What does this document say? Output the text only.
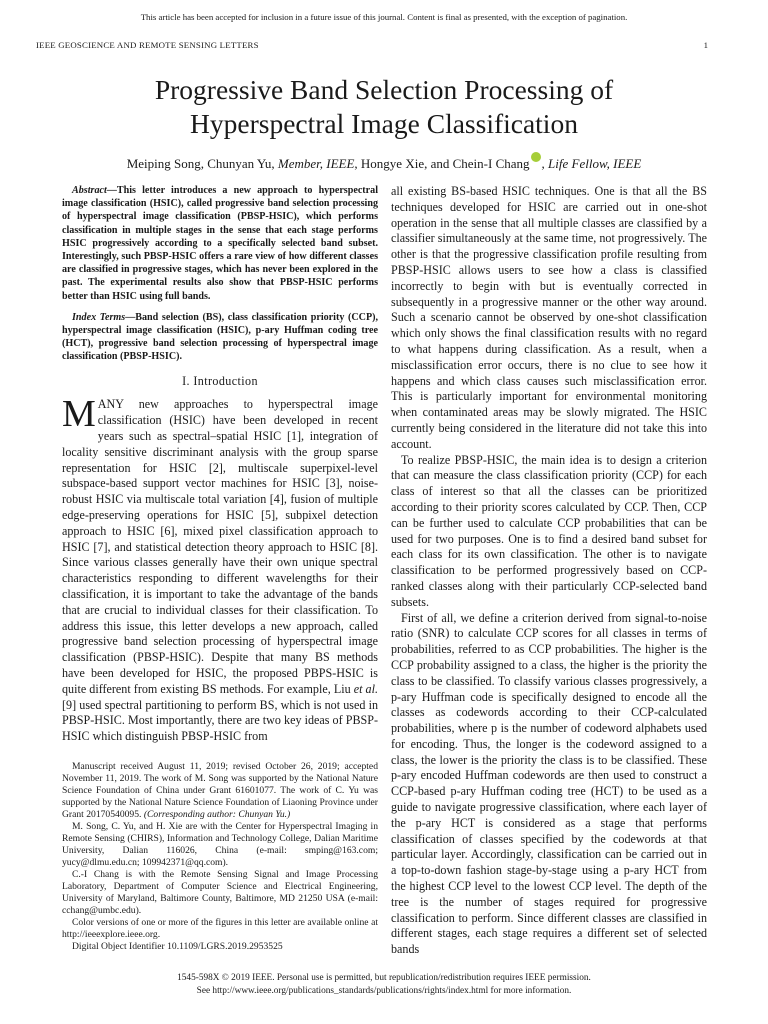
This article has been accepted for inclusion in a future issue of this journal. Content is final as presented, with the exception of pagination.
IEEE GEOSCIENCE AND REMOTE SENSING LETTERS	1
Progressive Band Selection Processing of
Hyperspectral Image Classification
Meiping Song, Chunyan Yu, Member, IEEE, Hongye Xie, and Chein-I Chang , Life Fellow, IEEE

Abstract—This letter introduces a new approach to hyperspectral image classification (HSIC), called progressive band selection processing of hyperspectral image classification (PBSP-HSIC), which performs classification in multiple stages in the sense that each stage performs HSIC progressively according to a specifically selected band subset. Interestingly, such PBSP-HSIC offers a rare view of how different classes are classified in progressive stages, which has never been explored in the past. The experimental results also show that PBSP-HSIC performs better than HSIC using full bands.

Index Terms—Band selection (BS), class classification priority (CCP), hyperspectral image classification (HSIC), p-ary Huffman coding tree (HCT), progressive band selection processing of hyperspectral image classification (PBSP-HSIC).

I. Introduction

MANY new approaches to hyperspectral image classification (HSIC) have been developed in recent years such as spectral–spatial HSIC [1], integration of locality sensitive discriminant analysis with the group sparse representation for HSIC [2], multiscale superpixel-level subspace-based support vector machines for HSIC [3], noise-robust HSIC via multiscale total variation [4], fusion of multiple edge-preserving operations for HSIC [5], subpixel detection approach to HSIC [6], mixed pixel classification approach to HSIC [7], and statistical detection theory approach to HSIC [8]. Since various classes generally have their own unique spectral characteristics responding to different wavelengths for their classification, it is important to take the advantage of the bands that are crucial to individual classes for their classification. To address this issue, this letter develops a new approach, called progressive band selection processing of hyperspectral image classification (PBSP-HSIC). Despite that many BS methods have been developed for HSIC, the proposed PBPS-HSIC is quite different from existing BS methods. For example, Liu et al. [9] used spectral partitioning to perform BS, which is not used in PBSP-HSIC. Most importantly, there are two key ideas of PBSP-HSIC which distinguish PBSP-HSIC from

Manuscript received August 11, 2019; revised October 26, 2019; accepted November 11, 2019. The work of M. Song was supported by the National Nature Science Foundation of China under Grant 61601077. The work of C. Yu was supported by the National Nature Science Foundation of Liaoning Province under Grant 20170540095. (Corresponding author: Chunyan Yu.)

M. Song, C. Yu, and H. Xie are with the Center for Hyperspectral Imaging in Remote Sensing (CHIRS), Information and Technology College, Dalian Maritime University, Dalian 116026, China (e-mail: smping@163.com; yucy@dlmu.edu.cn; 109942371@qq.com).

C.-I Chang is with the Remote Sensing Signal and Image Processing Laboratory, Department of Computer Science and Electrical Engineering, University of Maryland, Baltimore County, Baltimore, MD 21250 USA (e-mail: cchang@umbc.edu).

Color versions of one or more of the figures in this letter are available online at http://ieeexplore.ieee.org.

Digital Object Identifier 10.1109/LGRS.2019.2953525

all existing BS-based HSIC techniques. One is that all the BS techniques developed for HSIC are carried out in one-shot operation in the sense that all multiple classes are classified by a classifier simultaneously at the same time, not progressively. The other is that the progressive classification profile resulting from PBSP-HSIC allows users to see how a class is classified incorrectly to begin with but is eventually corrected in subsequently in a progressive manner or the other way around. Such a scenario cannot be observed by one-shot classification which only shows the final classification results with no regard to what happens during classification. As a result, when a misclassification error occurs, there is no clue to see how it happens and which class causes such misclassification error. This is particularly important for environmental monitoring when contaminated areas may be slowly migrated. The HSIC currently being considered in the literature did not take this into account.

To realize PBSP-HSIC, the main idea is to design a criterion that can measure the class classification priority (CCP) for each class of interest so that all the classes can be prioritized according to their priority scores calculated by CCP. Then, CCP can be further used to calculate CCP probabilities that can be used for two purposes. One is to find a desired band subset for each class for its own classification. The other is to navigate classification to be performed progressively based on CCP-ranked classes along with their particularly CCP-selected band subsets.

First of all, we define a criterion derived from signal-to-noise ratio (SNR) to calculate CCP scores for all classes in terms of probabilities, referred to as CCP probabilities. The higher is the CCP probability assigned to a class, the higher is the priority the class to be classified. To classify various classes progressively, a p-ary Huffman code is specifically designed to encode all the classes as codewords according to their CCP-calculated probabilities, where p is the number of codeword alphabets used for encoding. Thus, the longer is the codeword assigned to a class, the lower is the priority the class is to be classified. These p-ary encoded Huffman codewords are then used to construct a CCP-based p-ary Huffman coding tree (HCT) to be used as a guide to navigate progressive classification, where each layer of the p-ary HCT is considered as a stage that performs classification of classes specified by the codewords at that particular layer. Accordingly, classification can be carried out in a top-to-down fashion stage-by-stage using a p-ary HCT from the highest CCP level to the lowest CCP level. The depth of the tree is the number of stages required for progressive classification to perform. Since different classes are classified in different stages, each stage requires a different set of selected bands

1545-598X © 2019 IEEE. Personal use is permitted, but republication/redistribution requires IEEE permission.
See http://www.ieee.org/publications_standards/publications/rights/index.html for more information.
